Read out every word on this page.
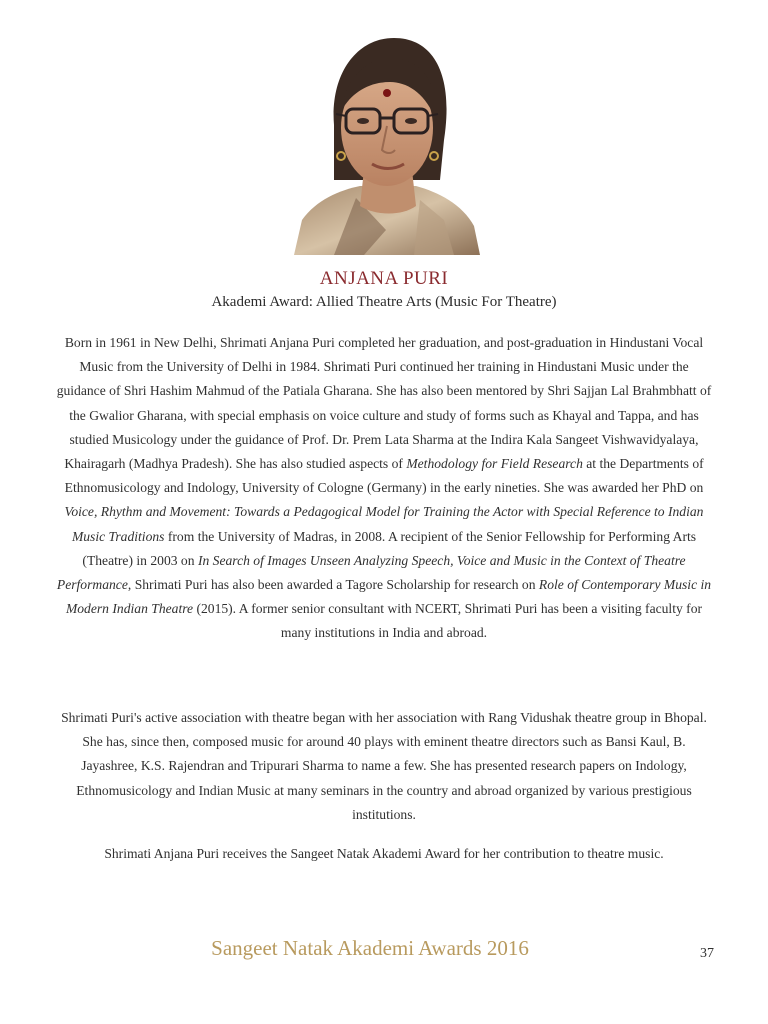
ANJANA PURI
Akademi Award: Allied Theatre Arts (Music For Theatre)

Born in 1961 in New Delhi, Shrimati Anjana Puri completed her graduation, and post-graduation in Hindustani Vocal Music from the University of Delhi in 1984. Shrimati Puri continued her training in Hindustani Music under the guidance of Shri Hashim Mahmud of the Patiala Gharana. She has also been mentored by Shri Sajjan Lal Brahmbhatt of the Gwalior Gharana, with special emphasis on voice culture and study of forms such as Khayal and Tappa, and has studied Musicology under the guidance of Prof. Dr. Prem Lata Sharma at the Indira Kala Sangeet Vishwavidyalaya, Khairagarh (Madhya Pradesh). She has also studied aspects of Methodology for Field Research at the Departments of Ethnomusicology and Indology, University of Cologne (Germany) in the early nineties. She was awarded her PhD on Voice, Rhythm and Movement: Towards a Pedagogical Model for Training the Actor with Special Reference to Indian Music Traditions from the University of Madras, in 2008. A recipient of the Senior Fellowship for Performing Arts (Theatre) in 2003 on In Search of Images Unseen Analyzing Speech, Voice and Music in the Context of Theatre Performance, Shrimati Puri has also been awarded a Tagore Scholarship for research on Role of Contemporary Music in Modern Indian Theatre (2015). A former senior consultant with NCERT, Shrimati Puri has been a visiting faculty for many institutions in India and abroad.

Shrimati Puri's active association with theatre began with her association with Rang Vidushak theatre group in Bhopal. She has, since then, composed music for around 40 plays with eminent theatre directors such as Bansi Kaul, B. Jayashree, K.S. Rajendran and Tripurari Sharma to name a few. She has presented research papers on Indology, Ethnomusicology and Indian Music at many seminars in the country and abroad organized by various prestigious institutions.

Shrimati Anjana Puri receives the Sangeet Natak Akademi Award for her contribution to theatre music.

Sangeet Natak Akademi Awards 2016	37
